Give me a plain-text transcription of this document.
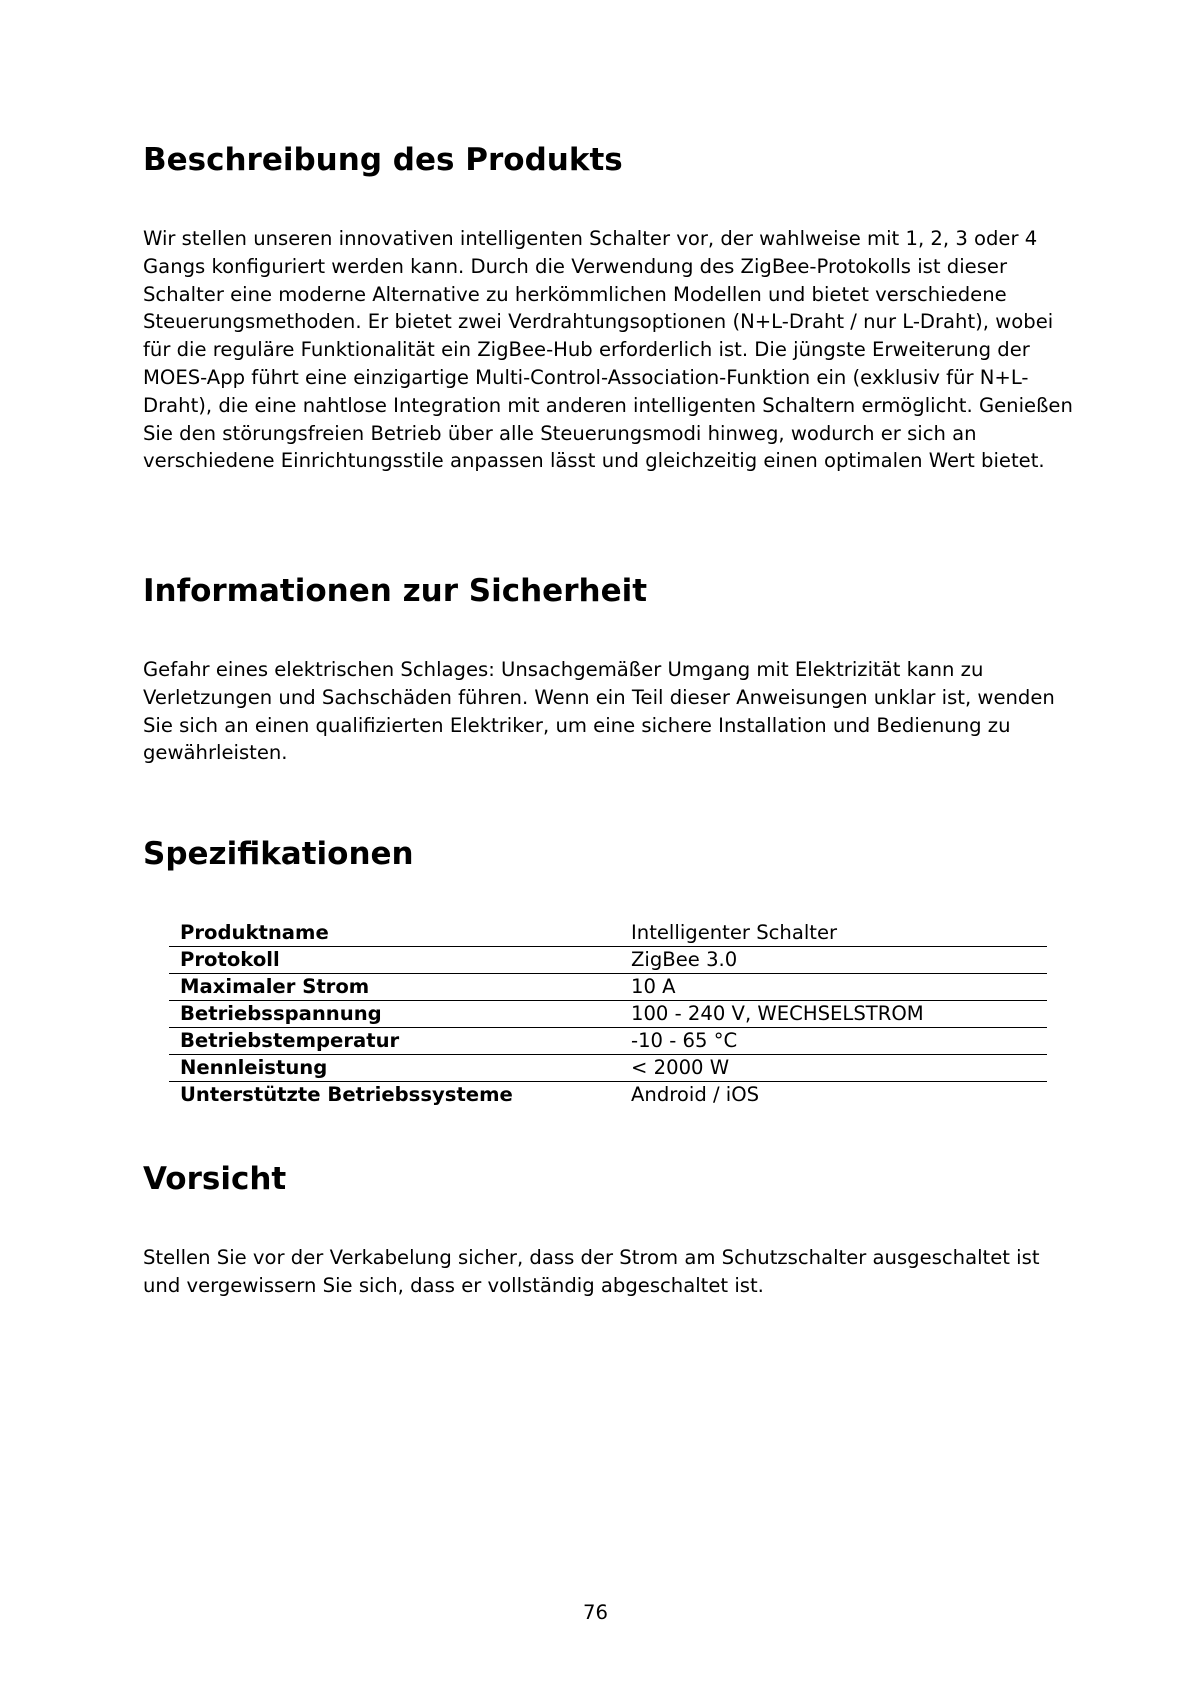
Beschreibung des Produkts

Wir stellen unseren innovativen intelligenten Schalter vor, der wahlweise mit 1, 2, 3 oder 4 Gangs konfiguriert werden kann. Durch die Verwendung des ZigBee-Protokolls ist dieser Schalter eine moderne Alternative zu herkömmlichen Modellen und bietet verschiedene Steuerungsmethoden. Er bietet zwei Verdrahtungsoptionen (N+L-Draht / nur L-Draht), wobei für die reguläre Funktionalität ein ZigBee-Hub erforderlich ist. Die jüngste Erweiterung der MOES-App führt eine einzigartige Multi-Control-Association-Funktion ein (exklusiv für N+L-Draht), die eine nahtlose Integration mit anderen intelligenten Schaltern ermöglicht. Genießen Sie den störungsfreien Betrieb über alle Steuerungsmodi hinweg, wodurch er sich an verschiedene Einrichtungsstile anpassen lässt und gleichzeitig einen optimalen Wert bietet.

Informationen zur Sicherheit

Gefahr eines elektrischen Schlages: Unsachgemäßer Umgang mit Elektrizität kann zu Verletzungen und Sachschäden führen. Wenn ein Teil dieser Anweisungen unklar ist, wenden Sie sich an einen qualifizierten Elektriker, um eine sichere Installation und Bedienung zu gewährleisten.

Spezifikationen
Produktname	Intelligenter Schalter
Protokoll	ZigBee 3.0
Maximaler Strom	10 A
Betriebsspannung	100 - 240 V, WECHSELSTROM
Betriebstemperatur	-10 - 65 °C
Nennleistung	< 2000 W
Unterstützte Betriebssysteme	Android / iOS
Vorsicht

Stellen Sie vor der Verkabelung sicher, dass der Strom am Schutzschalter ausgeschaltet ist und vergewissern Sie sich, dass er vollständig abgeschaltet ist.

76
